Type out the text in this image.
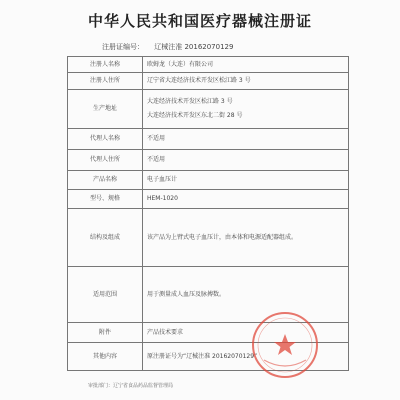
中华人民共和国医疗器械注册证
注册证编号： 辽械注准 20162070129
注册人名称	欧姆龙（大连）有限公司
注册人住所	辽宁省大连经济技术开发区松江路 3 号
生产地址	大连经济技术开发区松江路 3 号
大连经济技术开发区东北二街 28 号

代理人名称	不适用
代理人住所	不适用
产品名称	电子血压计
型号、规格	HEM-1020
结构及组成	该产品为上臂式电子血压计，由本体和电源适配器组成。
适用范围	用于测量成人血压及脉搏数。
附件	产品技术要求
其他内容	原注册证号为“辽械注准 20162070129”
审批部门：辽宁省食品药品监督管理局
